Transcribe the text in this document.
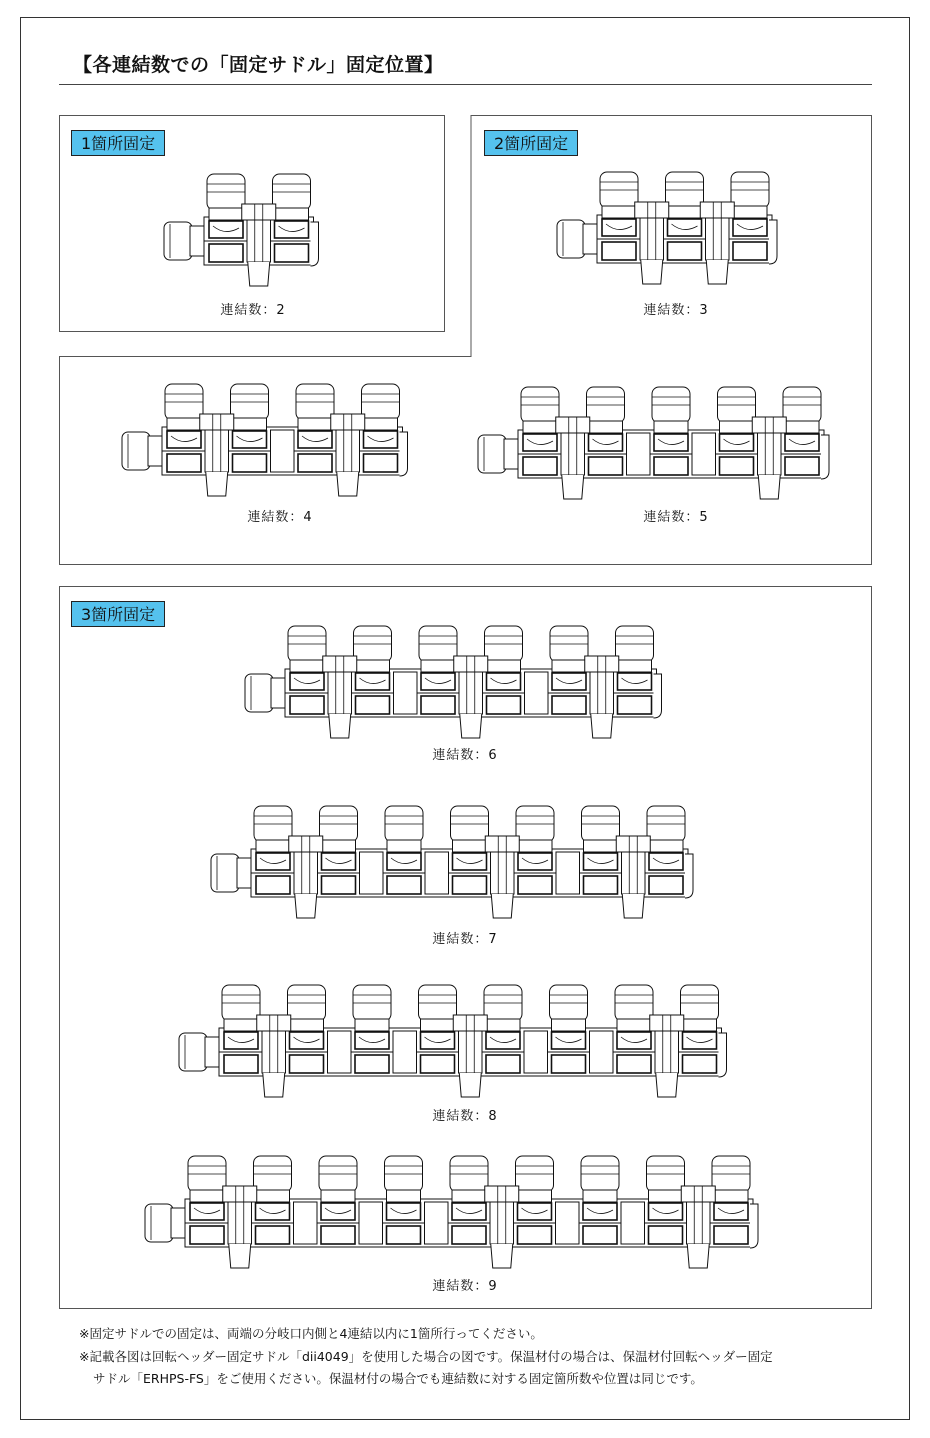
【各連結数での「固定サドル」固定位置】
1箇所固定	2箇所固定
3箇所固定
連結数：2	連結数：3
連結数：4	連結数：5
連結数：6
連結数：7
連結数：8
連結数：9
※固定サドルでの固定は、両端の分岐口内側と4連結以内に1箇所行ってください。
※記載各図は回転ヘッダー固定サドル「dii4049」を使用した場合の図です。保温材付の場合は、保温材付回転ヘッダー固定
サドル「ERHPS-FS」をご使用ください。保温材付の場合でも連結数に対する固定箇所数や位置は同じです。
